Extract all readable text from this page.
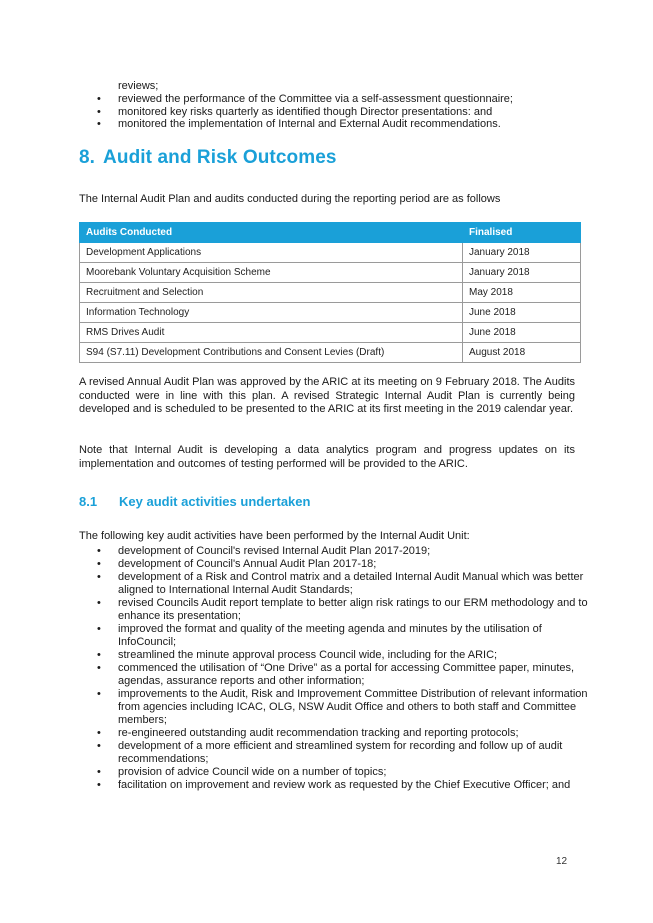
reviews;
• reviewed the performance of the Committee via a self-assessment questionnaire;
• monitored key risks quarterly as identified though Director presentations: and
• monitored the implementation of Internal and External Audit recommendations.
8. Audit and Risk Outcomes

The Internal Audit Plan and audits conducted during the reporting period are as follows

Audits Conducted	Finalised
Development Applications	January 2018
Moorebank Voluntary Acquisition Scheme	January 2018
Recruitment and Selection	May 2018
Information Technology	June 2018
RMS Drives Audit	June 2018
S94 (S7.11) Development Contributions and Consent Levies (Draft)	August 2018

A revised Annual Audit Plan was approved by the ARIC at its meeting on 9 February 2018. The Audits conducted were in line with this plan. A revised Strategic Internal Audit Plan is currently being developed and is scheduled to be presented to the ARIC at its first meeting in the 2019 calendar year.

Note that Internal Audit is developing a data analytics program and progress updates on its implementation and outcomes of testing performed will be provided to the ARIC.

8.1 Key audit activities undertaken

The following key audit activities have been performed by the Internal Audit Unit:

• development of Council's revised Internal Audit Plan 2017-2019;
• development of Council's Annual Audit Plan 2017-18;
• development of a Risk and Control matrix and a detailed Internal Audit Manual which was better aligned to International Internal Audit Standards;
• revised Councils Audit report template to better align risk ratings to our ERM methodology and to enhance its presentation;
• improved the format and quality of the meeting agenda and minutes by the utilisation of InfoCouncil;
• streamlined the minute approval process Council wide, including for the ARIC;
• commenced the utilisation of “One Drive” as a portal for accessing Committee paper, minutes, agendas, assurance reports and other information;
• improvements to the Audit, Risk and Improvement Committee Distribution of relevant information from agencies including ICAC, OLG, NSW Audit Office and others to both staff and Committee members;
• re-engineered outstanding audit recommendation tracking and reporting protocols;
• development of a more efficient and streamlined system for recording and follow up of audit recommendations;
• provision of advice Council wide on a number of topics;
• facilitation on improvement and review work as requested by the Chief Executive Officer; and
12
